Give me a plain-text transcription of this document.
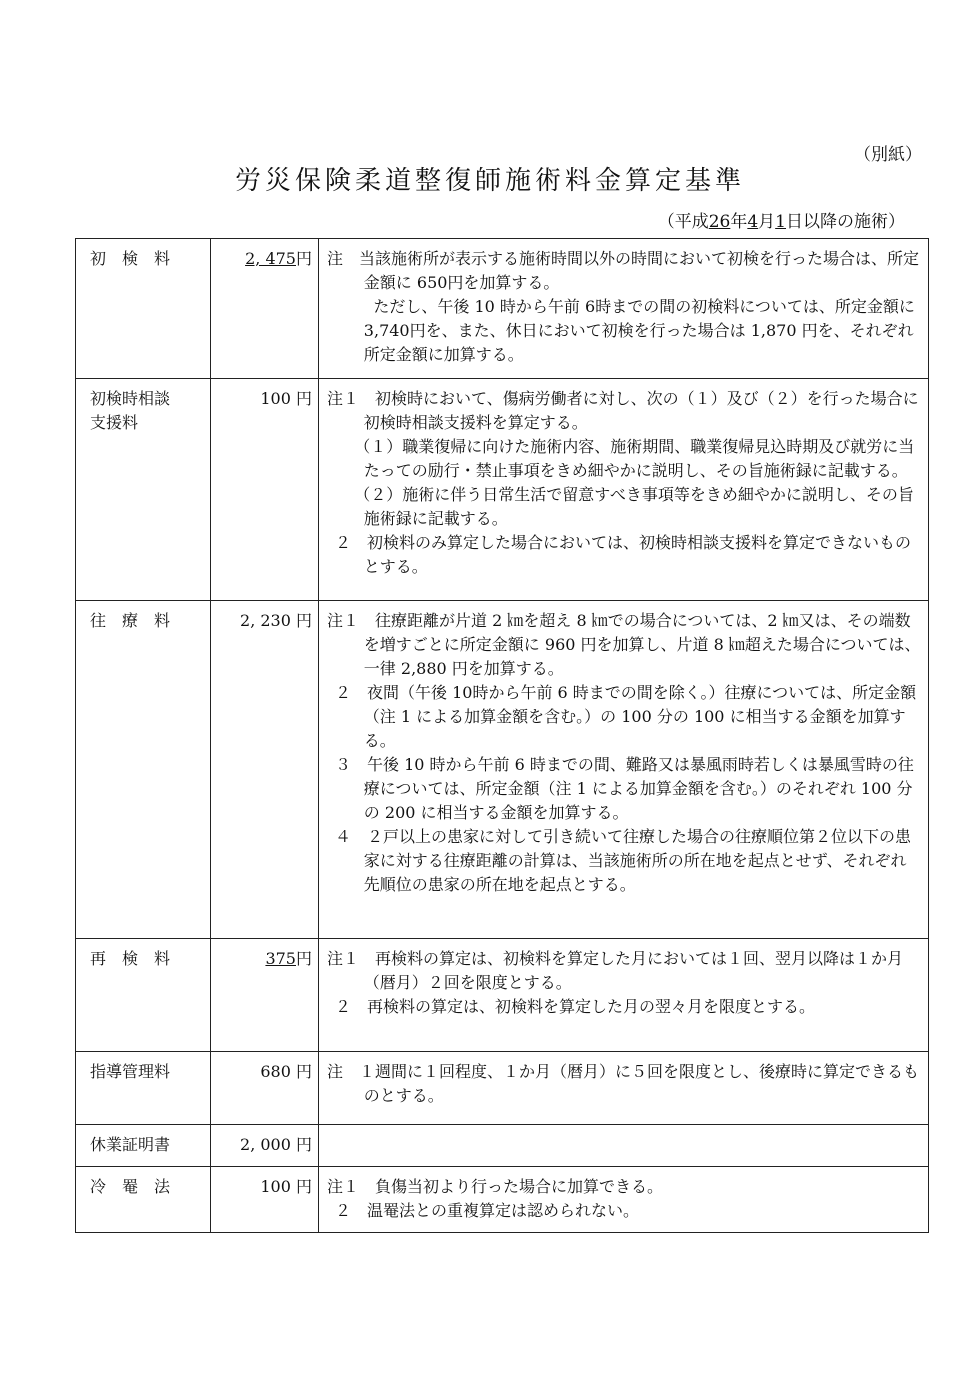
（別紙）
労災保険柔道整復師施術料金算定基準
（平成26年4月1日以降の施術）
初　検　料	2, 475円	注　当該施術所が表示する施術時間以外の時間において初検を行った場合は、所定金額に 650円を加算する。
ただし、午後 10 時から午前 6時までの間の初検料については、所定金額に 3,740円を、また、休日において初検を行った場合は 1,870 円を、それぞれ所定金額に加算する。

初検時相談
支援料	100 円	注１　初検時において、傷病労働者に対し、次の（１）及び（２）を行った場合に初検時相談支援料を算定する。
（１）職業復帰に向けた施術内容、施術期間、職業復帰見込時期及び就労に当たっての励行・禁止事項をきめ細やかに説明し、その旨施術録に記載する。
（２）施術に伴う日常生活で留意すべき事項等をきめ細やかに説明し、その旨施術録に記載する。
２　初検料のみ算定した場合においては、初検時相談支援料を算定できないものとする。

往　療　料	2, 230 円	注１　往療距離が片道 2 ㎞を超え 8 ㎞での場合については、2 ㎞又は、その端数を増すごとに所定金額に 960 円を加算し、片道 8 ㎞超えた場合については、一律 2,880 円を加算する。
２　夜間（午後 10時から午前 6 時までの間を除く。）往療については、所定金額（注 1 による加算金額を含む。）の 100 分の 100 に相当する金額を加算する。
３　午後 10 時から午前 6 時までの間、難路又は暴風雨時若しくは暴風雪時の往療については、所定金額（注 1 による加算金額を含む。）のそれぞれ 100 分の 200 に相当する金額を加算する。
４　２戸以上の患家に対して引き続いて往療した場合の往療順位第２位以下の患家に対する往療距離の計算は、当該施術所の所在地を起点とせず、それぞれ先順位の患家の所在地を起点とする。

再　検　料	375円	注１　再検料の算定は、初検料を算定した月においては１回、翌月以降は１か月（暦月）２回を限度とする。
２　再検料の算定は、初検料を算定した月の翌々月を限度とする。

指導管理料	680 円	注　１週間に１回程度、１か月（暦月）に５回を限度とし、後療時に算定できるものとする。

休業証明書	2, 000 円	
冷　罨　法	100 円	注１　負傷当初より行った場合に加算できる。
２　温罨法との重複算定は認められない。
